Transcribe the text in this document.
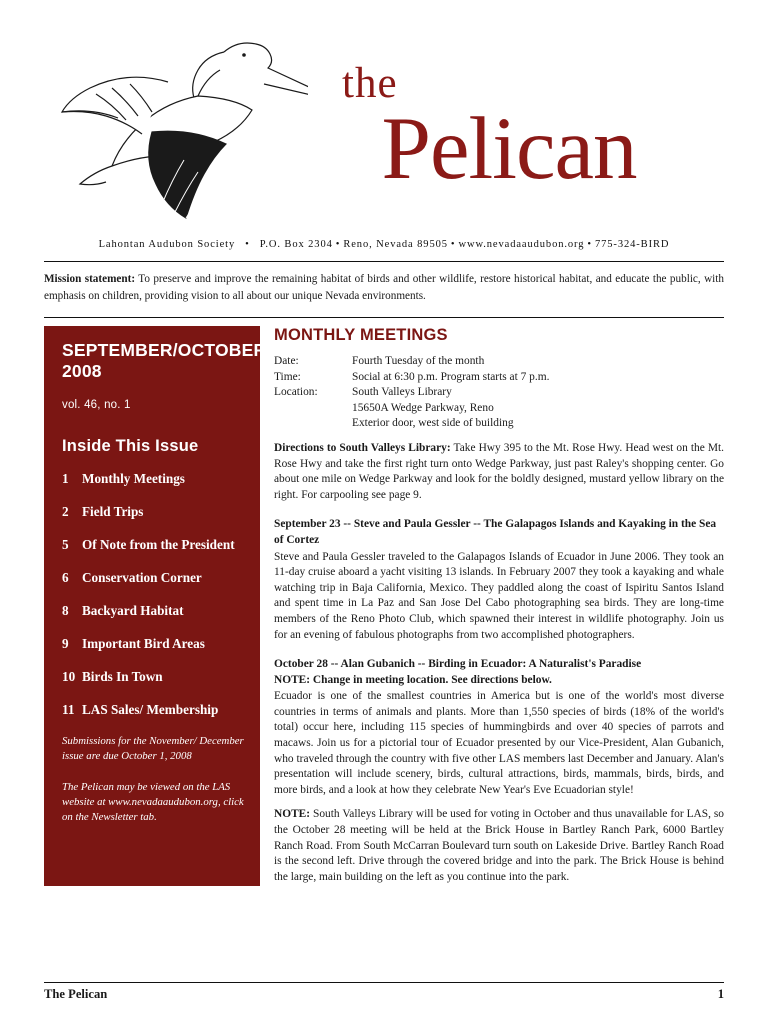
the
Pelican
Lahontan Audubon Society  •  P.O. Box 2304 • Reno, Nevada 89505 • www.nevadaaudubon.org • 775-324-BIRD
Mission statement: To preserve and improve the remaining habitat of birds and other wildlife, restore historical habitat, and educate the public, with emphasis on children, providing vision to all about our unique Nevada environments.
SEPTEMBER/OCTOBER 2008
vol. 46, no. 1
Inside This Issue
1	Monthly Meetings
2	Field Trips
5	Of Note from the President
6	Conservation Corner
8	Backyard Habitat
9	Important Bird Areas
10 Birds In Town
11 LAS Sales/ Membership
Submissions for the November/ December issue are due October 1, 2008
The Pelican may be viewed on the LAS website at www.nevadaaudubon.org, click on the Newsletter tab.
MONTHLY MEETINGS
Date:	Fourth Tuesday of the month
Time:	Social at 6:30 p.m. Program starts at 7 p.m.
Location:	South Valleys Library
15650A Wedge Parkway, Reno
Exterior door, west side of building
Directions to South Valleys Library: Take Hwy 395 to the Mt. Rose Hwy. Head west on the Mt. Rose Hwy and take the first right turn onto Wedge Parkway, just past Raley's shopping center. Go about one mile on Wedge Parkway and look for the boldly designed, mustard yellow library on the right. For carpooling see page 9.
September 23 -- Steve and Paula Gessler -- The Galapagos Islands and Kayaking in the Sea of Cortez
Steve and Paula Gessler traveled to the Galapagos Islands of Ecuador in June 2006. They took an 11-day cruise aboard a yacht visiting 13 islands. In February 2007 they took a kayaking and whale watching trip in Baja California, Mexico. They paddled along the coast of Ispiritu Santos Island and spent time in La Paz and San Jose Del Cabo photographing sea birds. They are long-time members of the Reno Photo Club, which spawned their interest in wildlife photography. Join us for an evening of fabulous photographs from two accomplished photographers.
October 28 -- Alan Gubanich -- Birding in Ecuador: A Naturalist's Paradise
NOTE: Change in meeting location. See directions below.
Ecuador is one of the smallest countries in America but is one of the world's most diverse countries in terms of animals and plants. More than 1,550 species of birds (18% of the world's total) occur here, including 115 species of hummingbirds and over 40 species of parrots and macaws. Join us for a pictorial tour of Ecuador presented by our Vice-President, Alan Gubanich, who traveled through the country with five other LAS members last December and January. Alan's presentation will include scenery, birds, cultural attractions, birds, mammals, birds, birds, and more birds, and a look at how they celebrate New Year's Eve Ecuadorian style!
NOTE: South Valleys Library will be used for voting in October and thus unavailable for LAS, so the October 28 meeting will be held at the Brick House in Bartley Ranch Park, 6000 Bartley Ranch Road. From South McCarran Boulevard turn south on Lakeside Drive. Bartley Ranch Road is the second left. Drive through the covered bridge and into the park. The Brick House is behind the large, main building on the left as you continue into the park.
The Pelican	1
